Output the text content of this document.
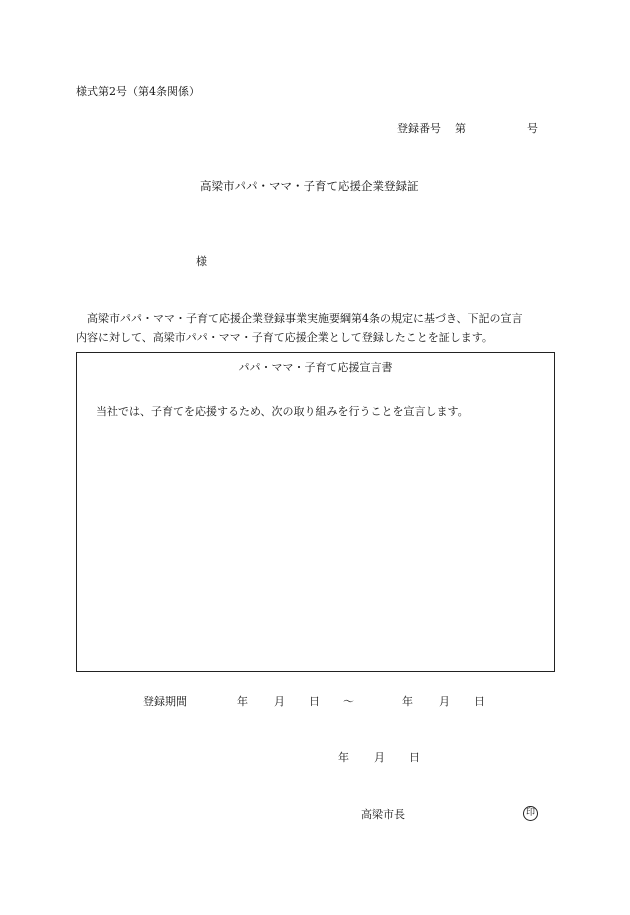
様式第2号（第4条関係）
登録番号 第	号
高梁市パパ・ママ・子育て応援企業登録証
様
高梁市パパ・ママ・子育て応援企業登録事業実施要綱第4条の規定に基づき、下記の宣言
内容に対して、高梁市パパ・ママ・子育て応援企業として登録したことを証します。
パパ・ママ・子育て応援宣言書
当社では、子育てを応援するため、次の取り組みを行うことを宣言します。
登録期間	年 月 日 ～	年 月 日
年 月 日
高梁市長	印
